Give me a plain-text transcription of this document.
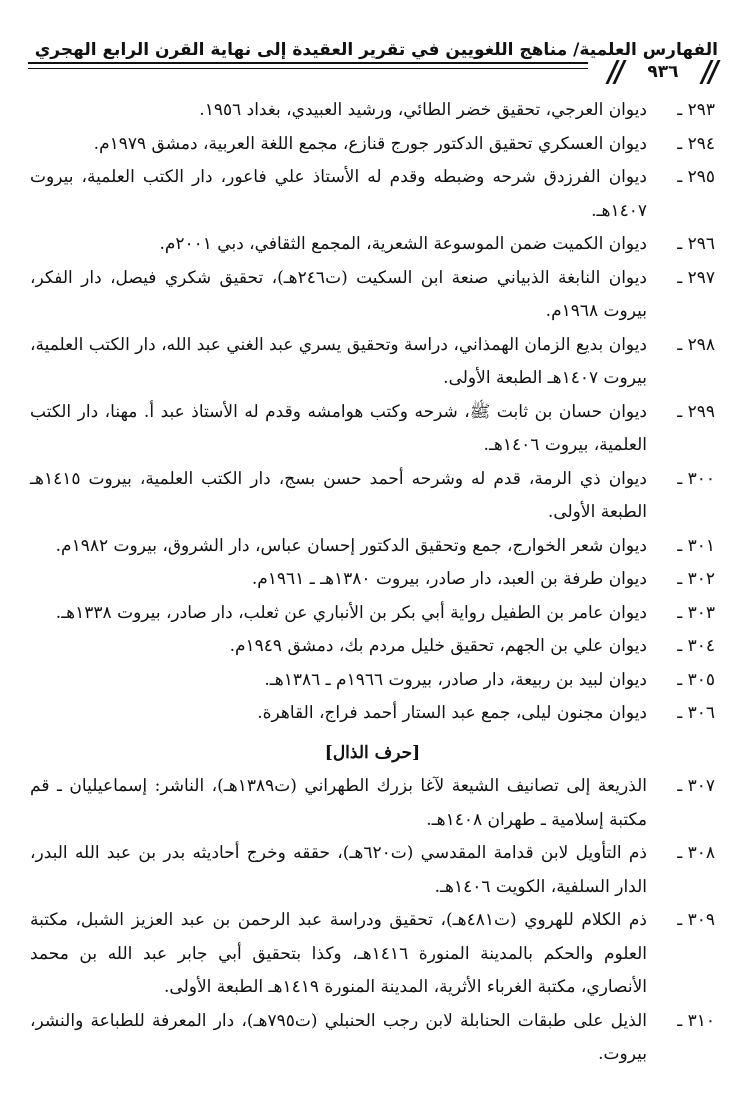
الفهارس العلمية/ مناهج اللغويين في تقرير العقيدة إلى نهاية القرن الرابع الهجري
٩٣٦
٢٩٣ ـ
ديوان العرجي، تحقيق خضر الطائي، ورشيد العبيدي، بغداد ١٩٥٦.
٢٩٤ ـ
ديوان العسكري تحقيق الدكتور جورج قنازع، مجمع اللغة العربية، دمشق ١٩٧٩م.
٢٩٥ ـ
ديوان الفرزدق شرحه وضبطه وقدم له الأستاذ علي فاعور، دار الكتب العلمية، بيروت ١٤٠٧هـ.
٢٩٦ ـ
ديوان الكميت ضمن الموسوعة الشعرية، المجمع الثقافي، دبي ٢٠٠١م.
٢٩٧ ـ
ديوان النابغة الذبياني صنعة ابن السكيت (ت٢٤٦هـ)، تحقيق شكري فيصل، دار الفكر، بيروت ١٩٦٨م.
٢٩٨ ـ
ديوان بديع الزمان الهمذاني، دراسة وتحقيق يسري عبد الغني عبد الله، دار الكتب العلمية، بيروت ١٤٠٧هـ الطبعة الأولى.
٢٩٩ ـ
ديوان حسان بن ثابت ﷺ، شرحه وكتب هوامشه وقدم له الأستاذ عبد أ. مهنا، دار الكتب العلمية، بيروت ١٤٠٦هـ.
٣٠٠ ـ
ديوان ذي الرمة، قدم له وشرحه أحمد حسن بسج، دار الكتب العلمية، بيروت ١٤١٥هـ الطبعة الأولى.
٣٠١ ـ
ديوان شعر الخوارج، جمع وتحقيق الدكتور إحسان عباس، دار الشروق، بيروت ١٩٨٢م.
٣٠٢ ـ
ديوان طرفة بن العبد، دار صادر، بيروت ١٣٨٠هـ ـ ١٩٦١م.
٣٠٣ ـ
ديوان عامر بن الطفيل رواية أبي بكر بن الأنباري عن ثعلب، دار صادر، بيروت ١٣٣٨هـ.
٣٠٤ ـ
ديوان علي بن الجهم، تحقيق خليل مردم بك، دمشق ١٩٤٩م.
٣٠٥ ـ
ديوان لبيد بن ربيعة، دار صادر، بيروت ١٩٦٦م ـ ١٣٨٦هـ.
٣٠٦ ـ
ديوان مجنون ليلى، جمع عبد الستار أحمد فراج، القاهرة.
[حرف الذال]
٣٠٧ ـ
الذريعة إلى تصانيف الشيعة لآغا بزرك الطهراني (ت١٣٨٩هـ)، الناشر: إسماعيليان ـ قم مكتبة إسلامية ـ طهران ١٤٠٨هـ.
٣٠٨ ـ
ذم التأويل لابن قدامة المقدسي (ت٦٢٠هـ)، حققه وخرج أحاديثه بدر بن عبد الله البدر، الدار السلفية، الكويت ١٤٠٦هـ.
٣٠٩ ـ
ذم الكلام للهروي (ت٤٨١هـ)، تحقيق ودراسة عبد الرحمن بن عبد العزيز الشبل، مكتبة العلوم والحكم بالمدينة المنورة ١٤١٦هـ، وكذا بتحقيق أبي جابر عبد الله بن محمد الأنصاري، مكتبة الغرباء الأثرية، المدينة المنورة ١٤١٩هـ الطبعة الأولى.
٣١٠ ـ
الذيل على طبقات الحنابلة لابن رجب الحنبلي (ت٧٩٥هـ)، دار المعرفة للطباعة والنشر، بيروت.
